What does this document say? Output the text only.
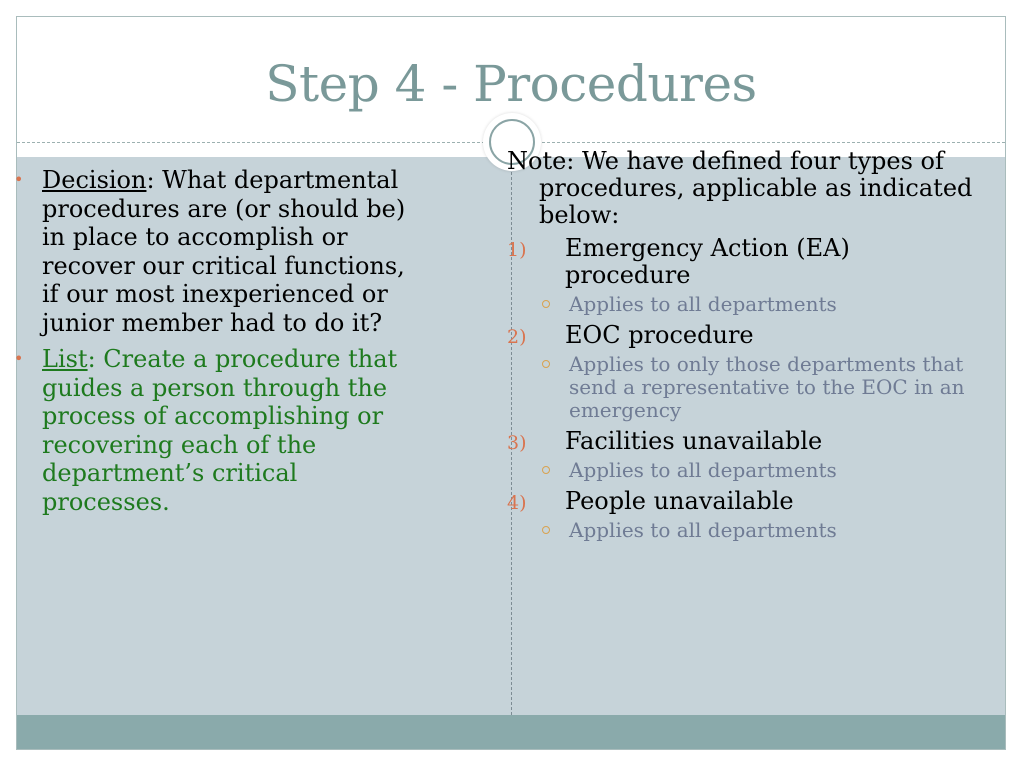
Step 4 - Procedures
• Decision: What departmental procedures are (or should be) in place to accomplish or recover our critical functions, if our most inexperienced or junior member had to do it?
• List: Create a procedure that guides a person through the process of accomplishing or recovering each of the department’s critical processes.
Note: We have defined four types of procedures, applicable as indicated below:
1) Emergency Action (EA) procedure
Applies to all departments
2) EOC procedure
Applies to only those departments that send a representative to the EOC in an emergency
3) Facilities unavailable
Applies to all departments
4) People unavailable
Applies to all departments
